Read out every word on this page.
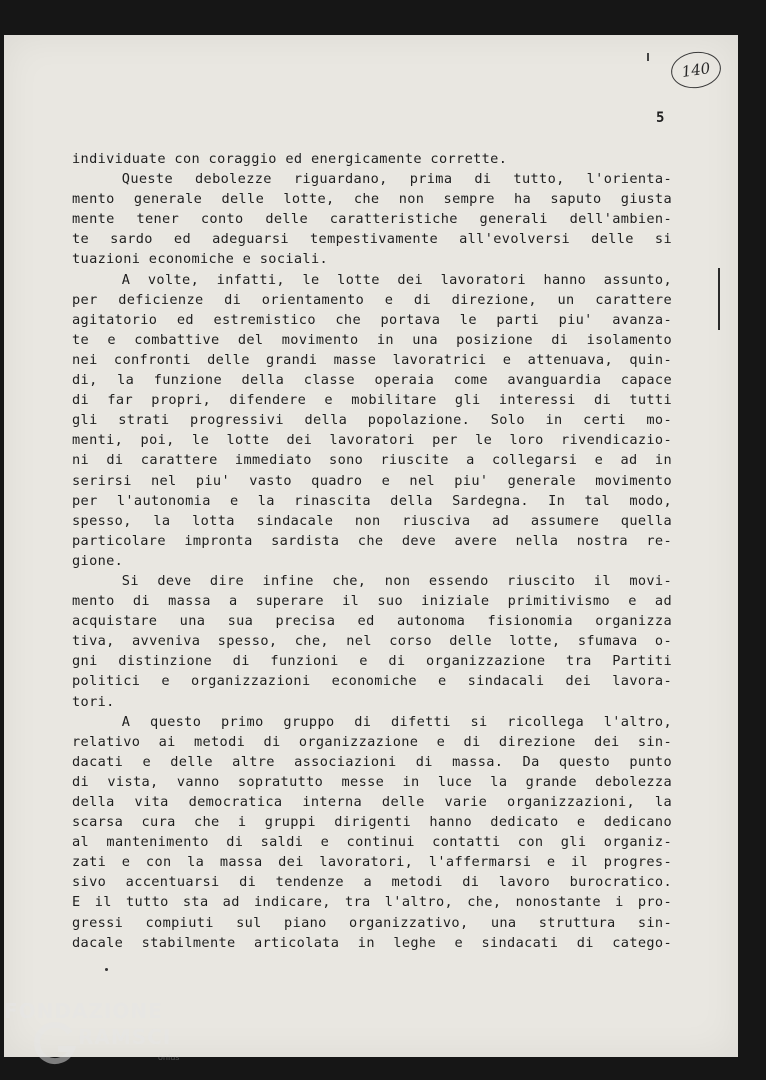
140
5
individuate con coraggio ed energicamente corrette.
Queste debolezze riguardano, prima di tutto, l'orienta-
mento generale delle lotte, che non sempre ha saputo giusta
mente tener conto delle caratteristiche generali dell'ambien-
te sardo ed adeguarsi tempestivamente all'evolversi delle si
tuazioni economiche e sociali.
A volte, infatti, le lotte dei lavoratori hanno assunto,
per deficienze di orientamento e di direzione, un carattere
agitatorio ed estremistico che portava le parti piu' avanza-
te e combattive del movimento in una posizione di isolamento
nei confronti delle grandi masse lavoratrici e attenuava, quin-
di, la funzione della classe operaia come avanguardia capace
di far propri, difendere e mobilitare gli interessi di tutti
gli strati progressivi della popolazione. Solo in certi mo-
menti, poi, le lotte dei lavoratori per le loro rivendicazio-
ni di carattere immediato sono riuscite a collegarsi e ad in
serirsi nel piu' vasto quadro e nel piu' generale movimento
per l'autonomia e la rinascita della Sardegna. In tal modo,
spesso, la lotta sindacale non riusciva ad assumere quella
particolare impronta sardista che deve avere nella nostra re-
gione.
Si deve dire infine che, non essendo riuscito il movi-
mento di massa a superare il suo iniziale primitivismo e ad
acquistare una sua precisa ed autonoma fisionomia organizza
tiva, avveniva spesso, che, nel corso delle lotte, sfumava o-
gni distinzione di funzioni e di organizzazione tra Partiti
politici e organizzazioni economiche e sindacali dei lavora-
tori.
A questo primo gruppo di difetti si ricollega l'altro,
relativo ai metodi di organizzazione e di direzione dei sin-
dacati e delle altre associazioni di massa. Da questo punto
di vista, vanno sopratutto messe in luce la grande debolezza
della vita democratica interna delle varie organizzazioni, la
scarsa cura che i gruppi dirigenti hanno dedicato e dedicano
al mantenimento di saldi e continui contatti con gli organiz-
zati e con la massa dei lavoratori, l'affermarsi e il progres-
sivo accentuarsi di tendenze a metodi di lavoro burocratico.
E il tutto sta ad indicare, tra l'altro, che, nonostante i pro-
gressi compiuti sul piano organizzativo, una struttura sin-
dacale stabilmente articolata in leghe e sindacati di catego-
FONDAZIONE
RAMSCI
onlus
